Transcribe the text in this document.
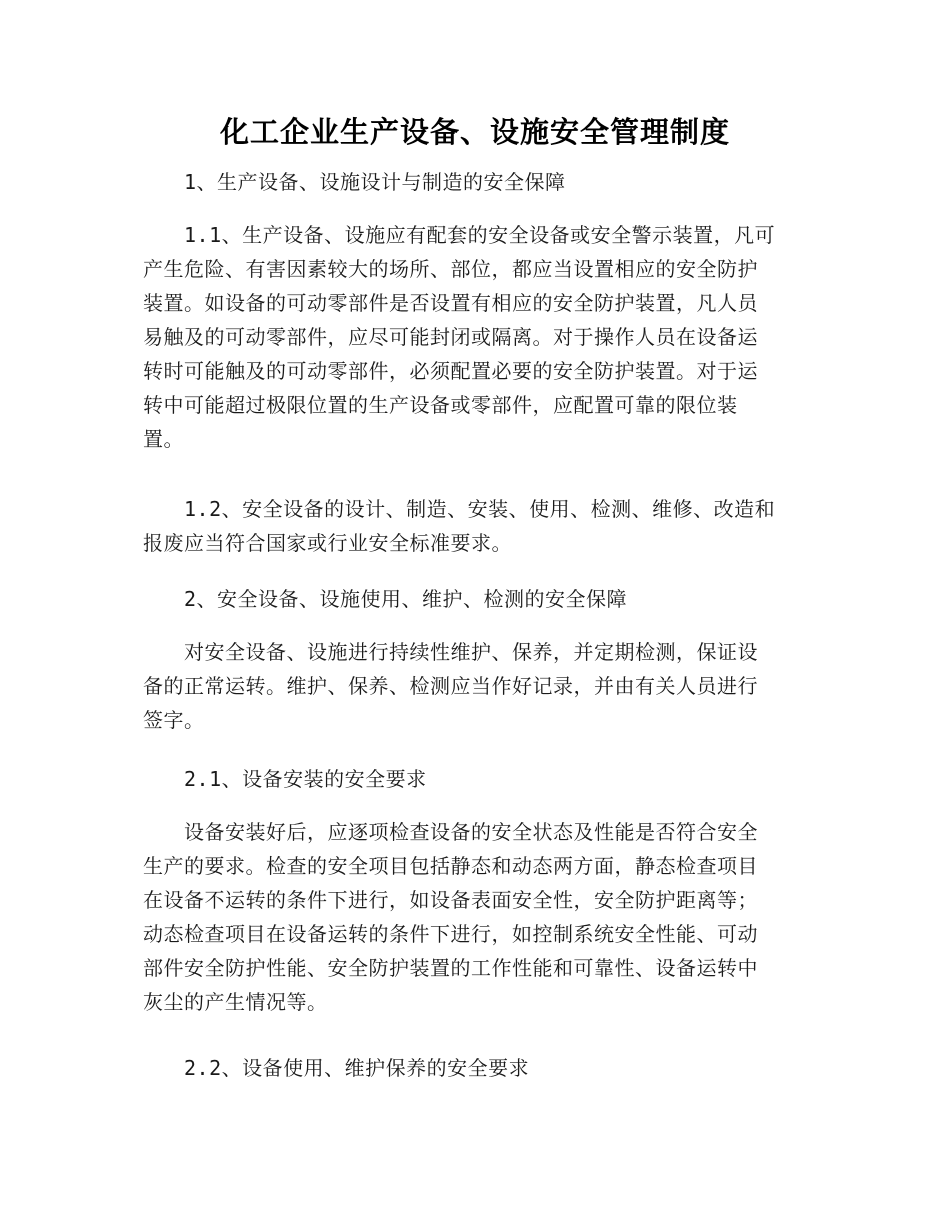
化工企业生产设备、设施安全管理制度
1、生产设备、设施设计与制造的安全保障
1.1、生产设备、设施应有配套的安全设备或安全警示装置，凡可
产生危险、有害因素较大的场所、部位，都应当设置相应的安全防护
装置。如设备的可动零部件是否设置有相应的安全防护装置，凡人员
易触及的可动零部件，应尽可能封闭或隔离。对于操作人员在设备运
转时可能触及的可动零部件，必须配置必要的安全防护装置。对于运
转中可能超过极限位置的生产设备或零部件，应配置可靠的限位装
置。
1.2、安全设备的设计、制造、安装、使用、检测、维修、改造和
报废应当符合国家或行业安全标准要求。
2、安全设备、设施使用、维护、检测的安全保障
对安全设备、设施进行持续性维护、保养，并定期检测，保证设
备的正常运转。维护、保养、检测应当作好记录，并由有关人员进行
签字。
2.1、设备安装的安全要求
设备安装好后，应逐项检查设备的安全状态及性能是否符合安全
生产的要求。检查的安全项目包括静态和动态两方面，静态检查项目
在设备不运转的条件下进行，如设备表面安全性，安全防护距离等；
动态检查项目在设备运转的条件下进行，如控制系统安全性能、可动
部件安全防护性能、安全防护装置的工作性能和可靠性、设备运转中
灰尘的产生情况等。
2.2、设备使用、维护保养的安全要求
